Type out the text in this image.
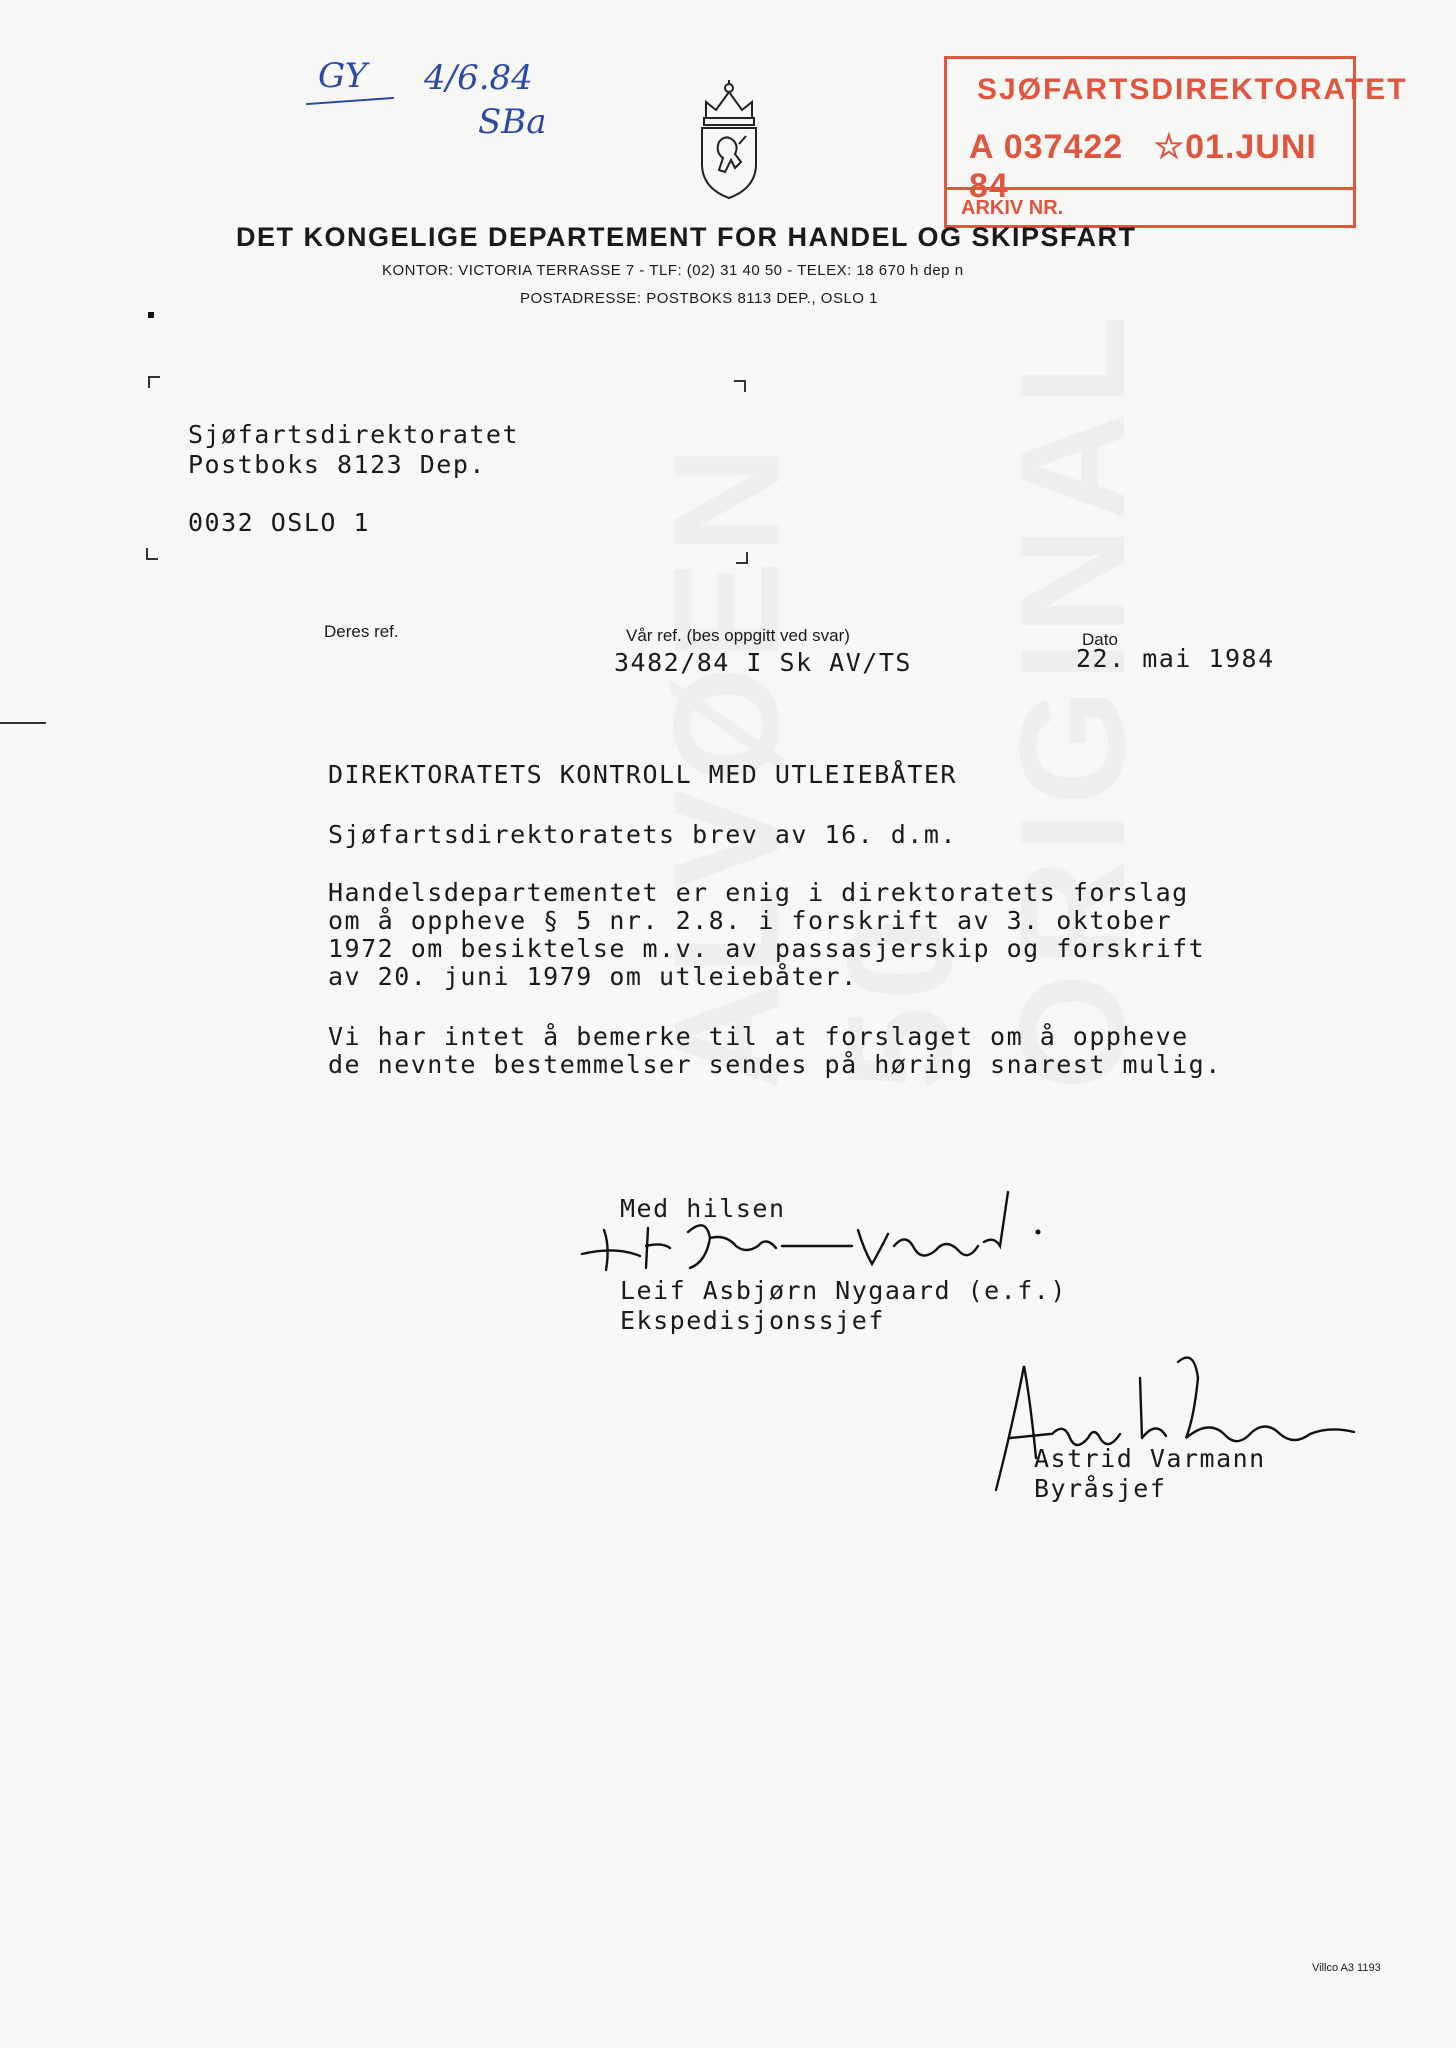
GY 4/6.84
SBa
SJØFARTSDIREKTORATET
A 037422 ☆01.JUNI 84
ARKIV NR.
DET KONGELIGE DEPARTEMENT FOR HANDEL OG SKIPSFART
KONTOR: VICTORIA TERRASSE 7 - TLF: (02) 31 40 50 - TELEX: 18 670 h dep n
POSTADRESSE: POSTBOKS 8113 DEP., OSLO 1
Sjøfartsdirektoratet
Postboks 8123 Dep.
0032 OSLO 1
Deres ref.	Vår ref. (bes oppgitt ved svar)
3482/84 I Sk AV/TS
Dato
22. mai 1984
DIREKTORATETS KONTROLL MED UTLEIEBÅTER
Sjøfartsdirektoratets brev av 16. d.m.
Handelsdepartementet er enig i direktoratets forslag
om å oppheve § 5 nr. 2.8. i forskrift av 3. oktober
1972 om besiktelse m.v. av passasjerskip og forskrift
av 20. juni 1979 om utleiebåter.
Vi har intet å bemerke til at forslaget om å oppheve
de nevnte bestemmelser sendes på høring snarest mulig.
Med hilsen
Leif Asbjørn Nygaard (e.f.)
Ekspedisjonssjef
Astrid Varmann
Byråsjef
Villco A3 1193
